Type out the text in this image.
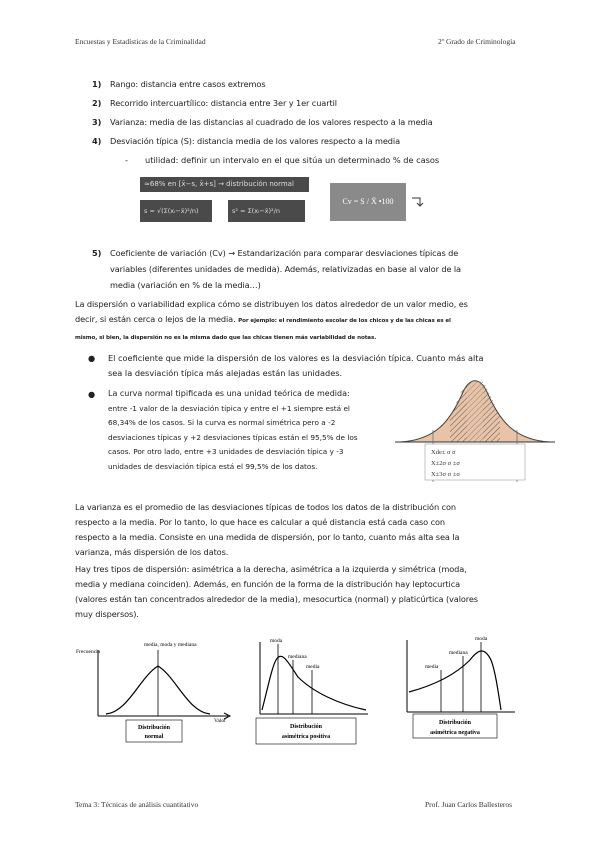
Encuestas y Estadísticas de la Criminalidad	2º Grado de Criminología
1) Rango: distancia entre casos extremos
2) Recorrido intercuartílico: distancia entre 3er y 1er cuartil
3) Varianza: media de las distancias al cuadrado de los valores respecto a la media
4) Desviación típica (S): distancia media de los valores respecto a la media
- utilidad: definir un intervalo en el que sitúa un determinado % de casos
≈68% en [x̄−s, x̄+s] → distribución normal
s = √(Σ(xᵢ−x̄)²/n)	s² = Σ(xᵢ−x̄)²/n
Cv = S / X̄ •100
5) Coeficiente de variación (Cv) → Estandarización para comparar desviaciones típicas de
variables (diferentes unidades de medida). Además, relativizadas en base al valor de la
media (variación en % de la media…)
La dispersión o variabilidad explica cómo se distribuyen los datos alrededor de un valor medio, es
decir, si están cerca o lejos de la media. Por ejemplo: el rendimiento escolar de los chicos y de las chicas es el
mismo, si bien, la dispersión no es la misma dado que las chicas tienen más variabilidad de notas.
● El coeficiente que mide la dispersión de los valores es la desviación típica. Cuanto más alta
sea la desviación típica más alejadas están las unidades.
● La curva normal tipificada es una unidad teórica de medida:
entre -1 valor de la desviación típica y entre el +1 siempre está el
68,34% de los casos. Si la curva es normal simétrica pero a -2
desviaciones típicas y +2 desviaciones típicas están el 95,5% de los
casos. Por otro lado, entre +3 unidades de desviación típica y -3
unidades de desviación típica está el 99,5% de los datos.
Xde± σ σ
X±2σ σ ±σ
X±3σ σ ±σ
La varianza es el promedio de las desviaciones típicas de todos los datos de la distribución con
respecto a la media. Por lo tanto, lo que hace es calcular a qué distancia está cada caso con
respecto a la media. Consiste en una medida de dispersión, por lo tanto, cuanto más alta sea la
varianza, más dispersión de los datos.
Hay tres tipos de dispersión: asimétrica a la derecha, asimétrica a la izquierda y simétrica (moda,
media y mediana coinciden). Además, en función de la forma de la distribución hay leptocurtica
(valores están tan concentrados alrededor de la media), mesocurtica (normal) y platicúrtica (valores
muy dispersos).
Frecuencia
media, moda y mediana
Valor
Distribución
normal
moda
mediana
media
Distribución
asimétrica positiva
moda
mediana
media
Distribución
asimétrica negativa
Tema 3: Técnicas de análisis cuantitativo	Prof. Juan Carlos Ballesteros
